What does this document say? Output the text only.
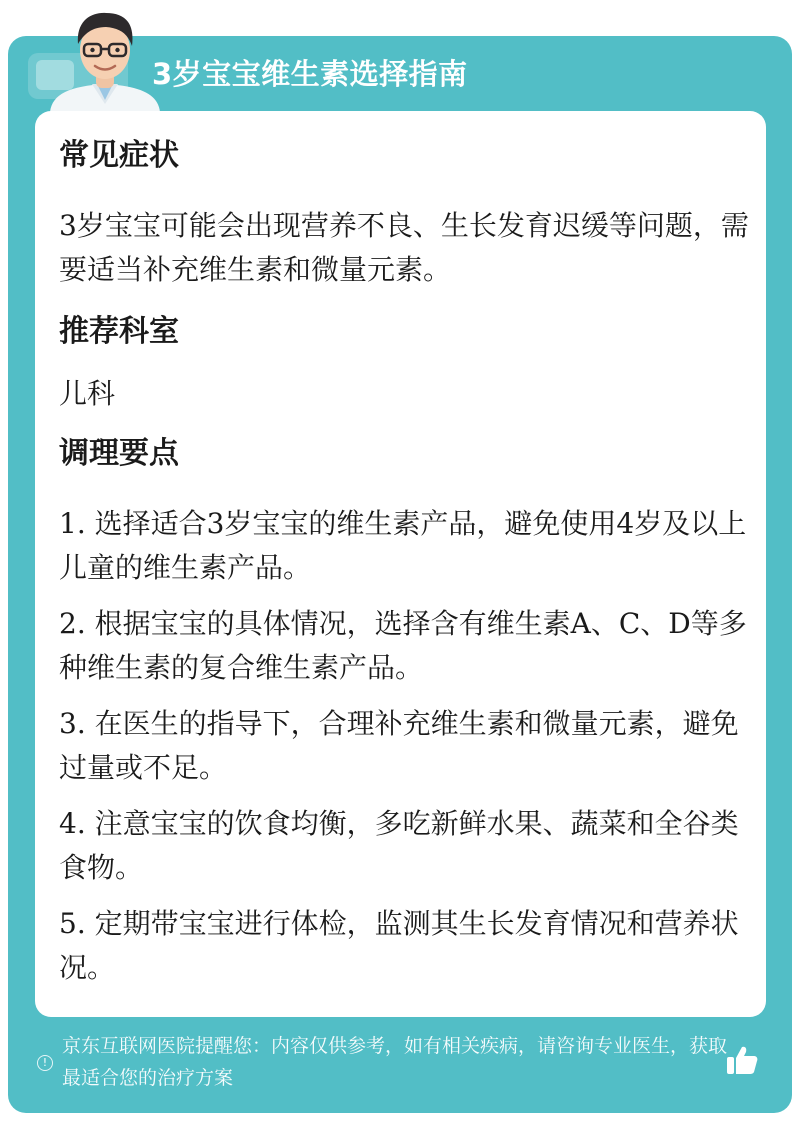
3岁宝宝维生素选择指南

常见症状

3岁宝宝可能会出现营养不良、生长发育迟缓等问题，需要适当补充维生素和微量元素。

推荐科室

儿科

调理要点

1. 选择适合3岁宝宝的维生素产品，避免使用4岁及以上儿童的维生素产品。

2. 根据宝宝的具体情况，选择含有维生素A、C、D等多种维生素的复合维生素产品。

3. 在医生的指导下，合理补充维生素和微量元素，避免过量或不足。

4. 注意宝宝的饮食均衡，多吃新鲜水果、蔬菜和全谷类食物。

5. 定期带宝宝进行体检，监测其生长发育情况和营养状况。

!
京东互联网医院提醒您：内容仅供参考，如有相关疾病，请咨询专业医生，获取最适合您的治疗方案
